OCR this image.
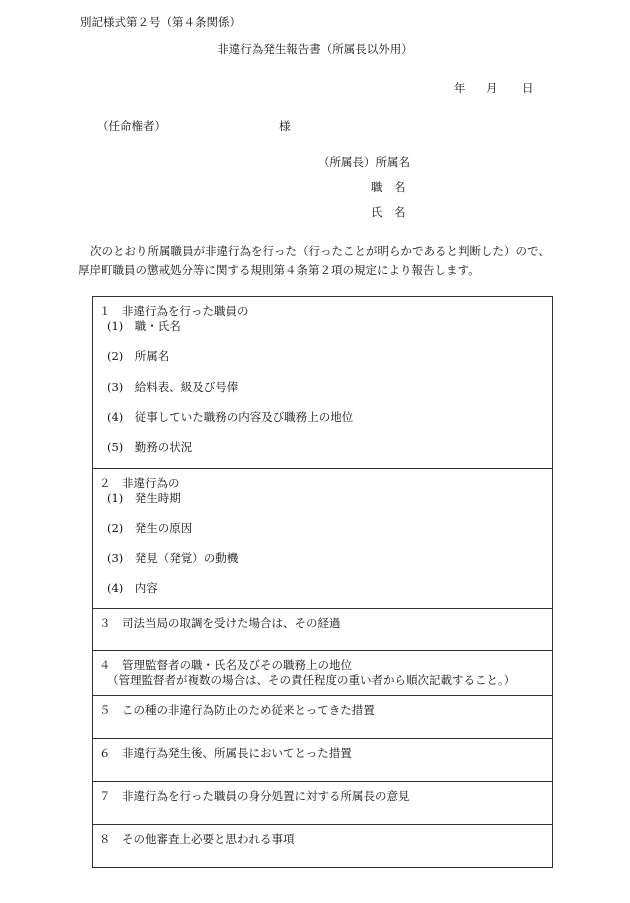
別記様式第２号（第４条関係）
非違行為発生報告書（所属長以外用）
年 月 日
（任命権者）	様
（所属長）所属名
職　名
氏　名

次のとおり所属職員が非違行為を行った（行ったことが明らかであると判断した）ので、

厚岸町職員の懲戒処分等に関する規則第４条第２項の規定により報告します。

１　非違行為を行った職員の
(1)　職・氏名
(2)　所属名
(3)　給料表、級及び号俸
(4)　従事していた職務の内容及び職務上の地位
(5)　勤務の状況
２　非違行為の
(1)　発生時期
(2)　発生の原因
(3)　発見（発覚）の動機
(4)　内容
３　司法当局の取調を受けた場合は、その経過
４　管理監督者の職・氏名及びその職務上の地位
（管理監督者が複数の場合は、その責任程度の重い者から順次記載すること。）
５　この種の非違行為防止のため従来とってきた措置
６　非違行為発生後、所属長においてとった措置
７　非違行為を行った職員の身分処置に対する所属長の意見
８　その他審査上必要と思われる事項
